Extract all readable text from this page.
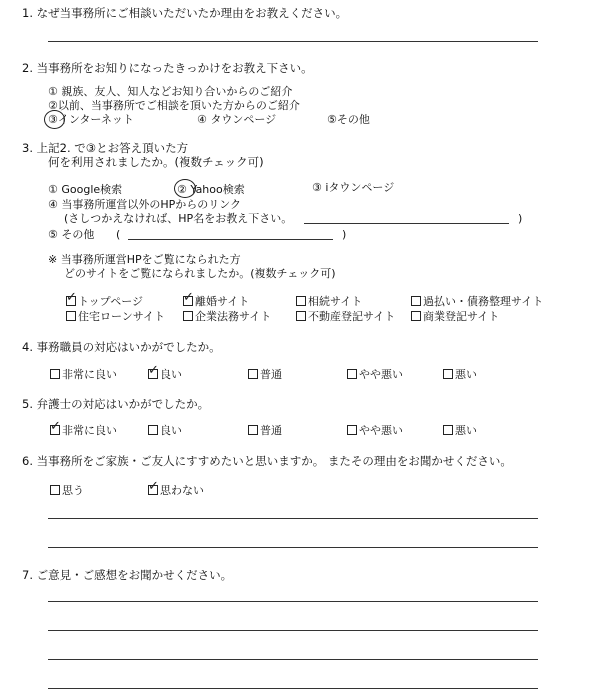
1. なぜ当事務所にご相談いただいたか理由をお教えください。
2. 当事務所をお知りになったきっかけをお教え下さい。
① 親族、友人、知人などお知り合いからのご紹介
②以前、当事務所でご相談を頂いた方からのご紹介
③インターネット	④ タウンページ	⑤その他
3. 上記2. で③とお答え頂いた方
何を利用されましたか。(複数チェック可)
① Google検索	② Yahoo検索	③ iタウンページ
④ 当事務所運営以外のHPからのリンク
(さしつかえなければ、HP名をお教え下さい。	)
⑤ その他 (	)
※ 当事務所運営HPをご覧になられた方
どのサイトをご覧になられましたか。(複数チェック可)
✓ トップページ	✓ 離婚サイト	相続サイト	過払い・債務整理サイト
住宅ローンサイト	企業法務サイト	不動産登記サイト	商業登記サイト
4. 事務職員の対応はいかがでしたか。
非常に良い ✓ 良い	普通	やや悪い	悪い
5. 弁護士の対応はいかがでしたか。
✓ 非常に良い	良い	普通	やや悪い	悪い
6. 当事務所をご家族・ご友人にすすめたいと思いますか。 またその理由をお聞かせください。
思う	✓ 思わない
7. ご意見・ご感想をお聞かせください。
